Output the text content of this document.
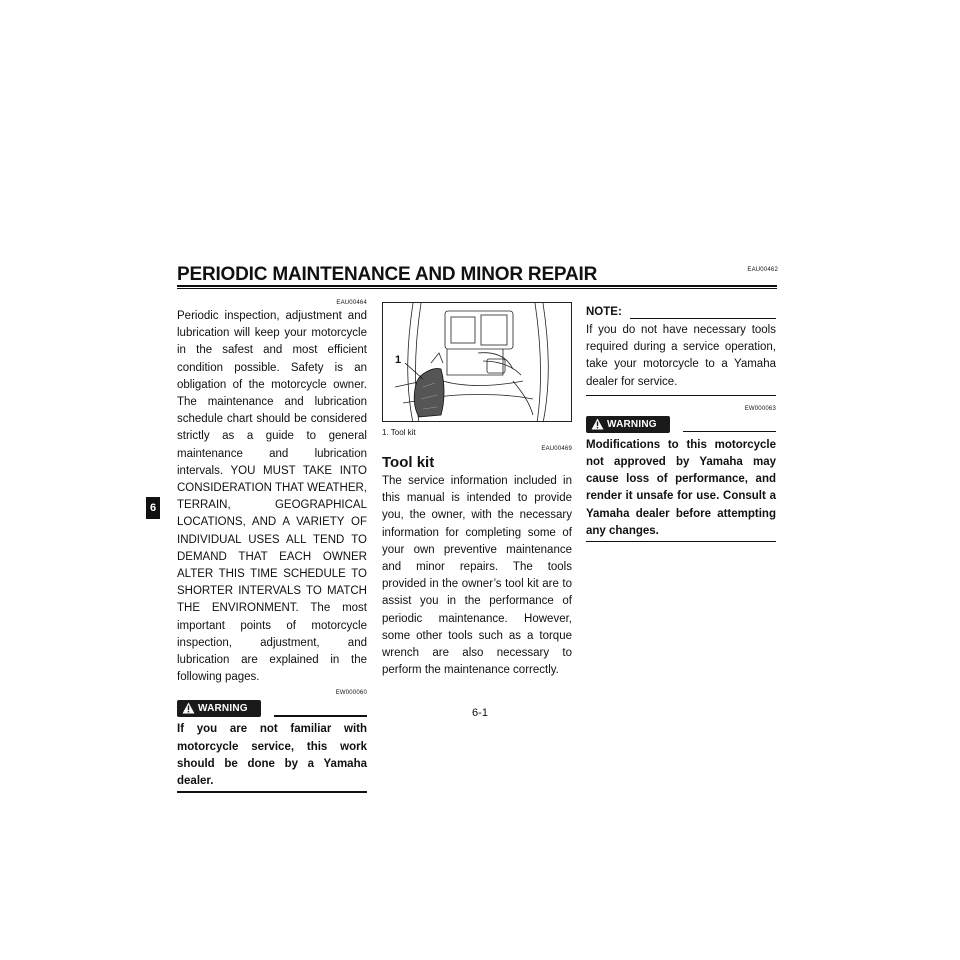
EAU00462
PERIODIC MAINTENANCE AND MINOR REPAIR
6
EAU00464

Periodic inspection, adjustment and lubrication will keep your motorcycle in the safest and most efficient condition possible. Safety is an obligation of the motorcycle owner. The maintenance and lubrication schedule chart should be considered strictly as a guide to general maintenance and lubrication intervals. YOU MUST TAKE INTO CONSIDERATION THAT WEATHER, TERRAIN, GEOGRAPHICAL LOCATIONS, AND A VARIETY OF INDIVIDUAL USES ALL TEND TO DEMAND THAT EACH OWNER ALTER THIS TIME SCHEDULE TO SHORTER INTERVALS TO MATCH THE ENVIRONMENT. The most important points of motorcycle inspection, adjustment, and lubrication are explained in the following pages.

EW000060
WARNING

If you are not familiar with motorcycle service, this work should be done by a Yamaha dealer.

1
1. Tool kit
EAU00469
Tool kit

The service information included in this manual is intended to provide you, the owner, with the necessary information for completing some of your own preventive maintenance and minor repairs. The tools provided in the owner’s tool kit are to assist you in the performance of periodic maintenance. However, some other tools such as a torque wrench are also necessary to perform the maintenance correctly.

NOTE:

If you do not have necessary tools required during a service operation, take your motorcycle to a Yamaha dealer for service.

EW000063
WARNING

Modifications to this motorcycle not approved by Yamaha may cause loss of performance, and render it unsafe for use. Consult a Yamaha dealer before attempting any changes.

6-1
